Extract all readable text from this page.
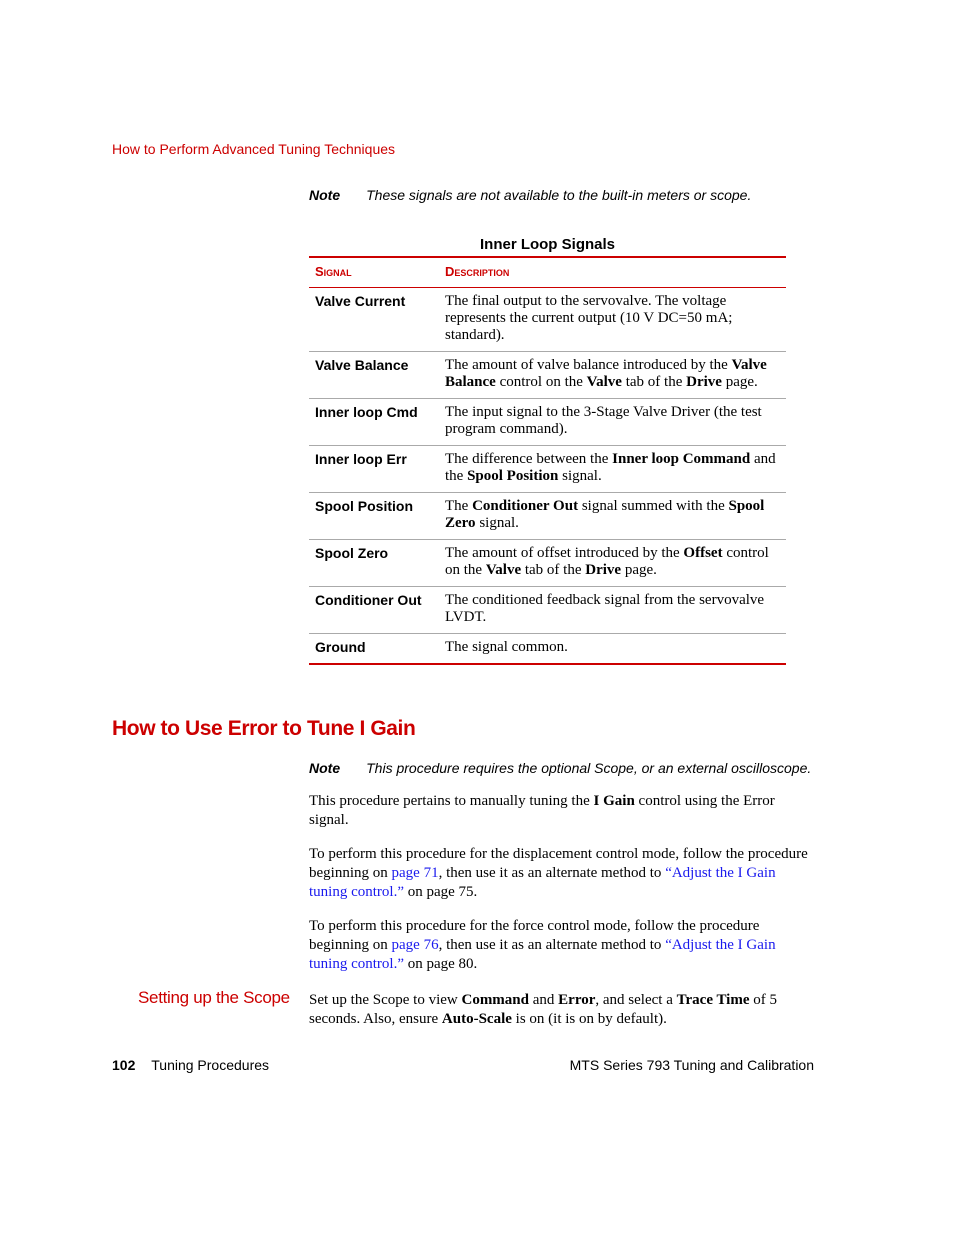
How to Perform Advanced Tuning Techniques
Note These signals are not available to the built-in meters or scope.
Inner Loop Signals
Signal	Description
Valve Current	The final output to the servovalve. The voltage represents the current output (10 V DC=50 mA; standard).
Valve Balance	The amount of valve balance introduced by the Valve Balance control on the Valve tab of the Drive page.
Inner loop Cmd	The input signal to the 3-Stage Valve Driver (the test program command).
Inner loop Err	The difference between the Inner loop Command and the Spool Position signal.
Spool Position	The Conditioner Out signal summed with the Spool Zero signal.
Spool Zero	The amount of offset introduced by the Offset control on the Valve tab of the Drive page.
Conditioner Out	The conditioned feedback signal from the servovalve LVDT.
Ground	The signal common.
How to Use Error to Tune I Gain
Note This procedure requires the optional Scope, or an external oscilloscope.
This procedure pertains to manually tuning the I Gain control using the Error signal.
To perform this procedure for the displacement control mode, follow the procedure beginning on page 71, then use it as an alternate method to “Adjust the I Gain tuning control.” on page 75.
To perform this procedure for the force control mode, follow the procedure beginning on page 76, then use it as an alternate method to “Adjust the I Gain tuning control.” on page 80.
Setting up the Scope Set up the Scope to view Command and Error, and select a Trace Time of 5 seconds. Also, ensure Auto-Scale is on (it is on by default).
102 Tuning Procedures	MTS Series 793 Tuning and Calibration
